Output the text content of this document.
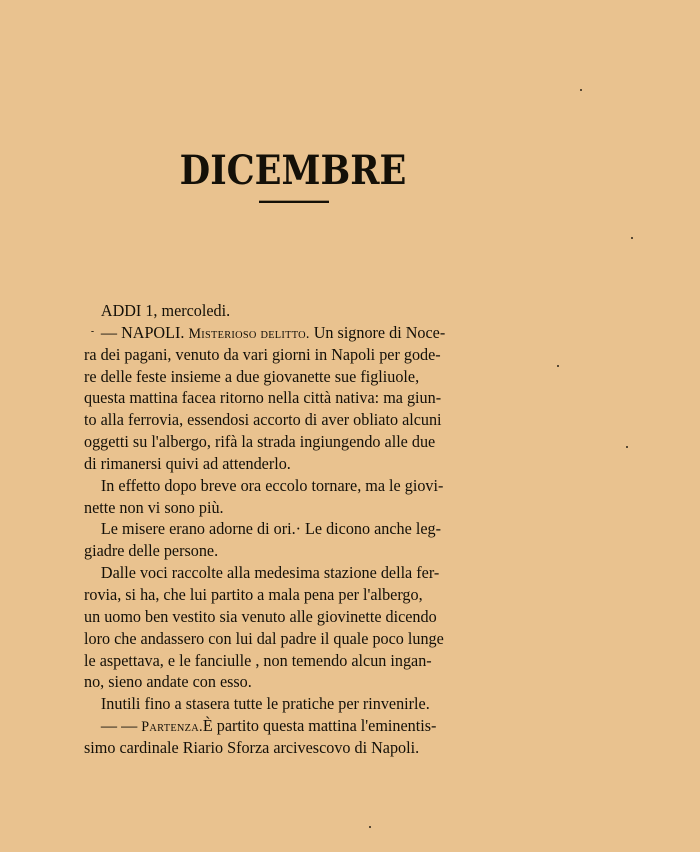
DICEMBRE
ADDI 1, mercoledi.
— NAPOLI. Misterioso delitto. Un signore di Noce-
ra dei pagani, venuto da vari giorni in Napoli per gode-
re delle feste insieme a due giovanette sue figliuole,
questa mattina facea ritorno nella città nativa: ma giun-
to alla ferrovia, essendosi accorto di aver obliato alcuni
oggetti su l'albergo, rifà la strada ingiungendo alle due
di rimanersi quivi ad attenderlo.
In effetto dopo breve ora eccolo tornare, ma le giovi-
nette non vi sono più.
Le misere erano adorne di ori.· Le dicono anche leg-
giadre delle persone.
Dalle voci raccolte alla medesima stazione della fer-
rovia, si ha, che lui partito a mala pena per l'albergo,
un uomo ben vestito sia venuto alle giovinette dicendo
loro che andassero con lui dal padre il quale poco lunge
le aspettava, e le fanciulle , non temendo alcun ingan-
no, sieno andate con esso.
Inutili fino a stasera tutte le pratiche per rinvenirle.
— — Partenza.È partito questa mattina l'eminentis-
simo cardinale Riario Sforza arcivescovo di Napoli.
